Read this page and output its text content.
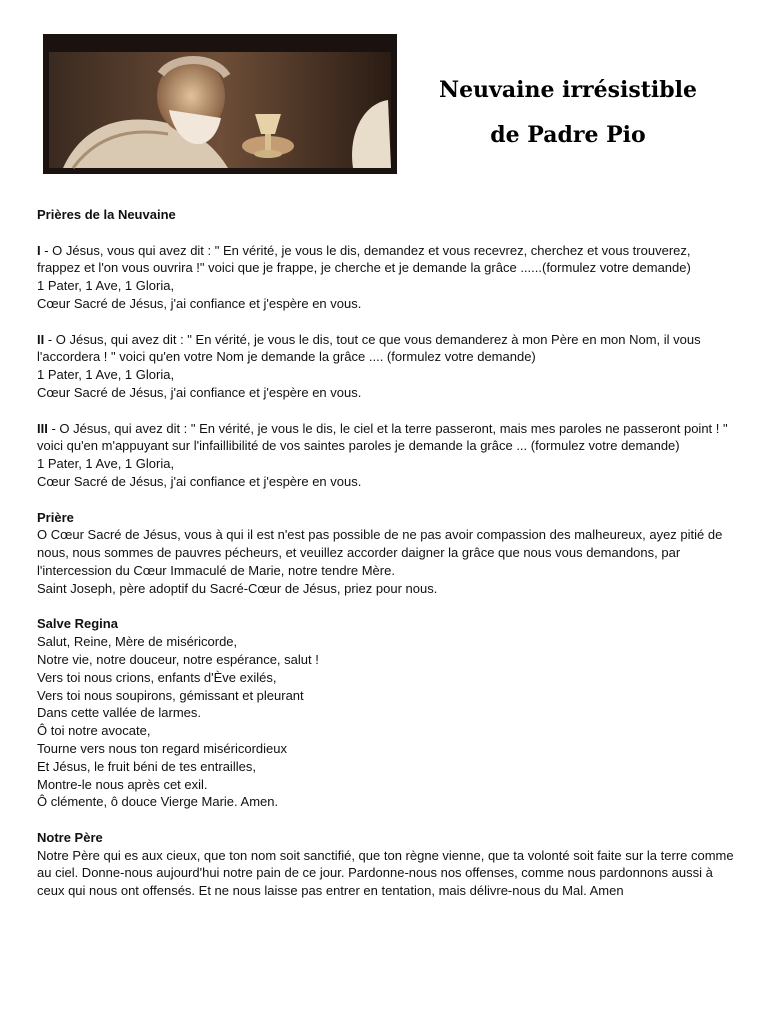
Neuvaine irrésistible
de Padre Pio
Prières de la Neuvaine
I - O Jésus, vous qui avez dit : " En vérité, je vous le dis, demandez et vous recevrez, cherchez et vous trouverez, frappez et l'on vous ouvrira !" voici que je frappe, je cherche et je demande la grâce ......(formulez votre demande)
1 Pater, 1 Ave, 1 Gloria,
Cœur Sacré de Jésus, j'ai confiance et j'espère en vous.
II - O Jésus, qui avez dit : " En vérité, je vous le dis, tout ce que vous demanderez à mon Père en mon Nom, il vous l'accordera ! " voici qu'en votre Nom je demande la grâce .... (formulez votre demande)
1 Pater, 1 Ave, 1 Gloria,
Cœur Sacré de Jésus, j'ai confiance et j'espère en vous.
III - O Jésus, qui avez dit : " En vérité, je vous le dis, le ciel et la terre passeront, mais mes paroles ne passeront point ! " voici qu'en m'appuyant sur l'infaillibilité de vos saintes paroles je demande la grâce ... (formulez votre demande)
1 Pater, 1 Ave, 1 Gloria,
Cœur Sacré de Jésus, j'ai confiance et j'espère en vous.
Prière
O Cœur Sacré de Jésus, vous à qui il est n'est pas possible de ne pas avoir compassion des malheureux, ayez pitié de nous, nous sommes de pauvres pécheurs, et veuillez accorder daigner la grâce que nous vous demandons, par l'intercession du Cœur Immaculé de Marie, notre tendre Mère.
Saint Joseph, père adoptif du Sacré-Cœur de Jésus, priez pour nous.
Salve Regina
Salut, Reine, Mère de miséricorde,
Notre vie, notre douceur, notre espérance, salut !
Vers toi nous crions, enfants d'Ève exilés,
Vers toi nous soupirons, gémissant et pleurant
Dans cette vallée de larmes.
Ô toi notre avocate,
Tourne vers nous ton regard miséricordieux
Et Jésus, le fruit béni de tes entrailles,
Montre-le nous après cet exil.
Ô clémente, ô douce Vierge Marie. Amen.
Notre Père
Notre Père qui es aux cieux, que ton nom soit sanctifié, que ton règne vienne, que ta volonté soit faite sur la terre comme au ciel. Donne-nous aujourd'hui notre pain de ce jour. Pardonne-nous nos offenses, comme nous pardonnons aussi à ceux qui nous ont offensés. Et ne nous laisse pas entrer en tentation, mais délivre-nous du Mal. Amen
